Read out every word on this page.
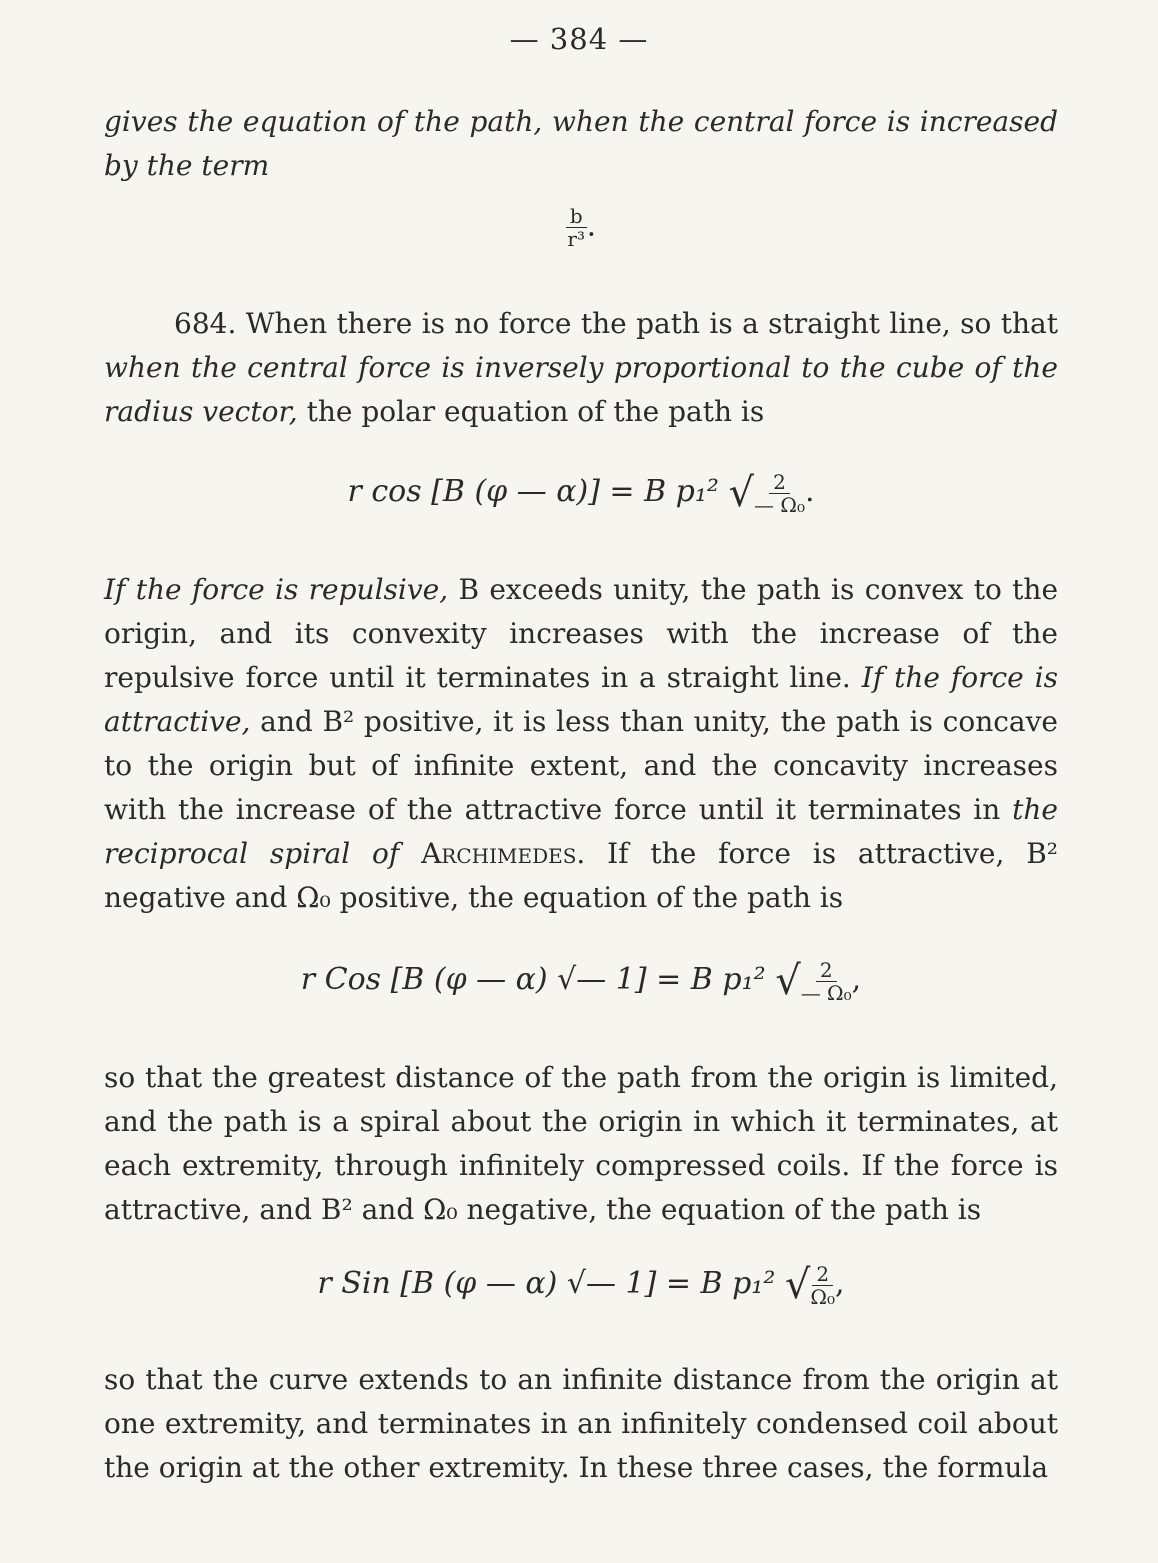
— 384 —

gives the equation of the path, when the central force is increased by the term

$\frac{b}{\text{r³}}$ .

684. When there is no force the path is a straight line, so that when the central force is inversely proportional to the cube of the radius vector, the polar equation of the path is

r cos [B (φ — α)] = B p₁² √ $\frac{2}{\text{— Ω₀}}$ .

If the force is repulsive, B exceeds unity, the path is convex to the origin, and its convexity increases with the increase of the repulsive force until it terminates in a straight line. If the force is attractive, and B² positive, it is less than unity, the path is concave to the origin but of infinite extent, and the concavity increases with the increase of the attractive force until it terminates in the reciprocal spiral of Archimedes. If the force is attractive, B² negative and Ω₀ positive, the equation of the path is

r Cos [B (φ — α) √— 1] = B p₁² √ $\frac{2}{\text{— Ω₀}}$ ,

so that the greatest distance of the path from the origin is limited, and the path is a spiral about the origin in which it terminates, at each extremity, through infinitely compressed coils. If the force is attractive, and B² and Ω₀ negative, the equation of the path is

r Sin [B (φ — α) √— 1] = B p₁² √ $\frac{2}{\text{Ω₀}}$ ,

so that the curve extends to an infinite distance from the origin at one extremity, and terminates in an infinitely condensed coil about the origin at the other extremity. In these three cases, the formula
